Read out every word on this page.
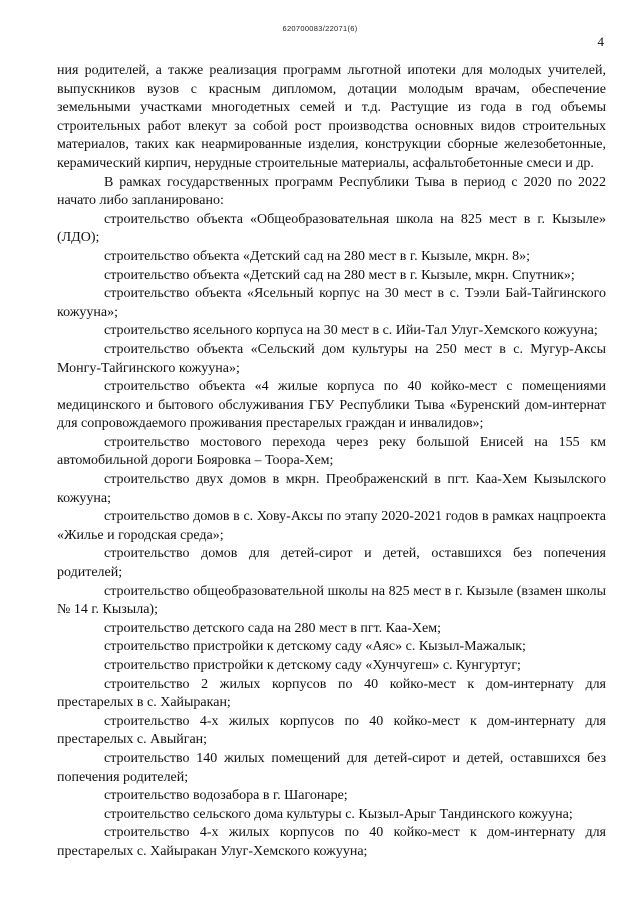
620700083/22071(6)
4

ния родителей, а также реализация программ льготной ипотеки для молодых учителей, выпускников вузов с красным дипломом, дотации молодым врачам, обеспечение земельными участками многодетных семей и т.д. Растущие из года в год объемы строительных работ влекут за собой рост производства основных видов строительных материалов, таких как неармированные изделия, конструкции сборные железобетонные, керамический кирпич, нерудные строительные материалы, асфальтобетонные смеси и др.

В рамках государственных программ Республики Тыва в период с 2020 по 2022 начато либо запланировано:

строительство объекта «Общеобразовательная школа на 825 мест в г. Кызыле» (ЛДО);

строительство объекта «Детский сад на 280 мест в г. Кызыле, мкрн. 8»;

строительство объекта «Детский сад на 280 мест в г. Кызыле, мкрн. Спутник»;

строительство объекта «Ясельный корпус на 30 мест в с. Тээли Бай-Тайгинского кожууна»;

строительство ясельного корпуса на 30 мест в с. Ийи-Тал Улуг-Хемского кожууна;

строительство объекта «Сельский дом культуры на 250 мест в с. Мугур-Аксы Монгу-Тайгинского кожууна»;

строительство объекта «4 жилые корпуса по 40 койко-мест с помещениями медицинского и бытового обслуживания ГБУ Республики Тыва «Буренский дом-интернат для сопровождаемого проживания престарелых граждан и инвалидов»;

строительство мостового перехода через реку большой Енисей на 155 км автомобильной дороги Бояровка – Тоора-Хем;

строительство двух домов в мкрн. Преображенский в пгт. Каа-Хем Кызылского кожууна;

строительство домов в с. Хову-Аксы по этапу 2020-2021 годов в рамках нацпроекта «Жилье и городская среда»;

строительство домов для детей-сирот и детей, оставшихся без попечения родителей;

строительство общеобразовательной школы на 825 мест в г. Кызыле (взамен школы № 14 г. Кызыла);

строительство детского сада на 280 мест в пгт. Каа-Хем;

строительство пристройки к детскому саду «Аяс» с. Кызыл-Мажалык;

строительство пристройки к детскому саду «Хунчугеш» с. Кунгуртуг;

строительство 2 жилых корпусов по 40 койко-мест к дом-интернату для престарелых в с. Хайыракан;

строительство 4-х жилых корпусов по 40 койко-мест к дом-интернату для престарелых с. Авыйган;

строительство 140 жилых помещений для детей-сирот и детей, оставшихся без попечения родителей;

строительство водозабора в г. Шагонаре;

строительство сельского дома культуры с. Кызыл-Арыг Тандинского кожууна;

строительство 4-х жилых корпусов по 40 койко-мест к дом-интернату для престарелых с. Хайыракан Улуг-Хемского кожууна;
